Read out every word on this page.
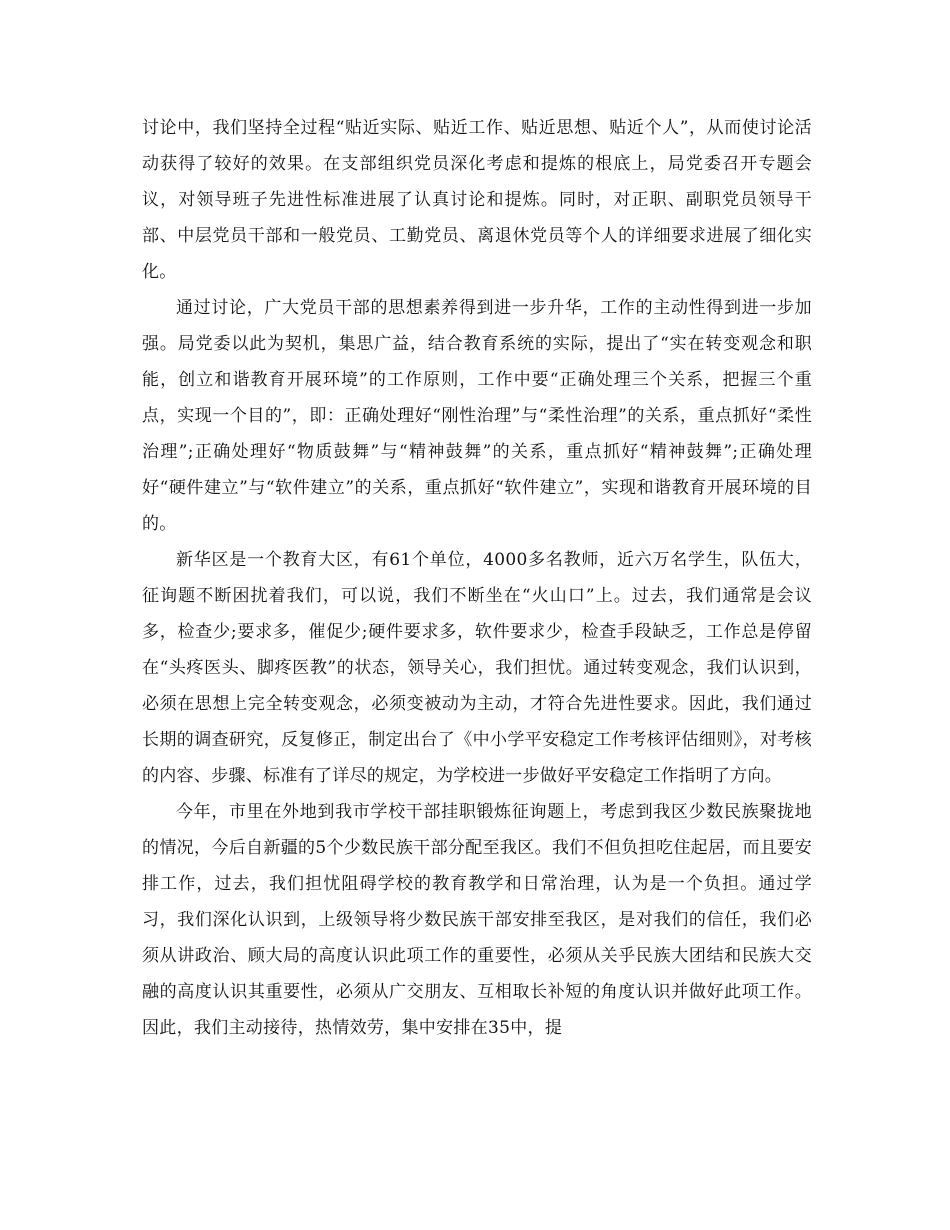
讨论中，我们坚持全过程“贴近实际、贴近工作、贴近思想、贴近个人”，从而使讨论活动获得了较好的效果。在支部组织党员深化考虑和提炼的根底上，局党委召开专题会议，对领导班子先进性标准进展了认真讨论和提炼。同时，对正职、副职党员领导干部、中层党员干部和一般党员、工勤党员、离退休党员等个人的详细要求进展了细化实化。

通过讨论，广大党员干部的思想素养得到进一步升华，工作的主动性得到进一步加强。局党委以此为契机，集思广益，结合教育系统的实际，提出了“实在转变观念和职能，创立和谐教育开展环境”的工作原则，工作中要“正确处理三个关系，把握三个重点，实现一个目的”，即：正确处理好“刚性治理”与“柔性治理”的关系，重点抓好“柔性治理”;正确处理好“物质鼓舞”与“精神鼓舞”的关系，重点抓好“精神鼓舞”;正确处理好“硬件建立”与“软件建立”的关系，重点抓好“软件建立”，实现和谐教育开展环境的目的。

新华区是一个教育大区，有61个单位，4000多名教师，近六万名学生，队伍大，征询题不断困扰着我们，可以说，我们不断坐在“火山口”上。过去，我们通常是会议多，检查少;要求多，催促少;硬件要求多，软件要求少，检查手段缺乏，工作总是停留在“头疼医头、脚疼医教”的状态，领导关心，我们担忧。通过转变观念，我们认识到，必须在思想上完全转变观念，必须变被动为主动，才符合先进性要求。因此，我们通过长期的调查研究，反复修正，制定出台了《中小学平安稳定工作考核评估细则》，对考核的内容、步骤、标准有了详尽的规定，为学校进一步做好平安稳定工作指明了方向。

今年，市里在外地到我市学校干部挂职锻炼征询题上，考虑到我区少数民族聚拢地的情况，今后自新疆的5个少数民族干部分配至我区。我们不但负担吃住起居，而且要安排工作，过去，我们担忧阻碍学校的教育教学和日常治理，认为是一个负担。通过学习，我们深化认识到，上级领导将少数民族干部安排至我区，是对我们的信任，我们必须从讲政治、顾大局的高度认识此项工作的重要性，必须从关乎民族大团结和民族大交融的高度认识其重要性，必须从广交朋友、互相取长补短的角度认识并做好此项工作。因此，我们主动接待，热情效劳，集中安排在35中，提
